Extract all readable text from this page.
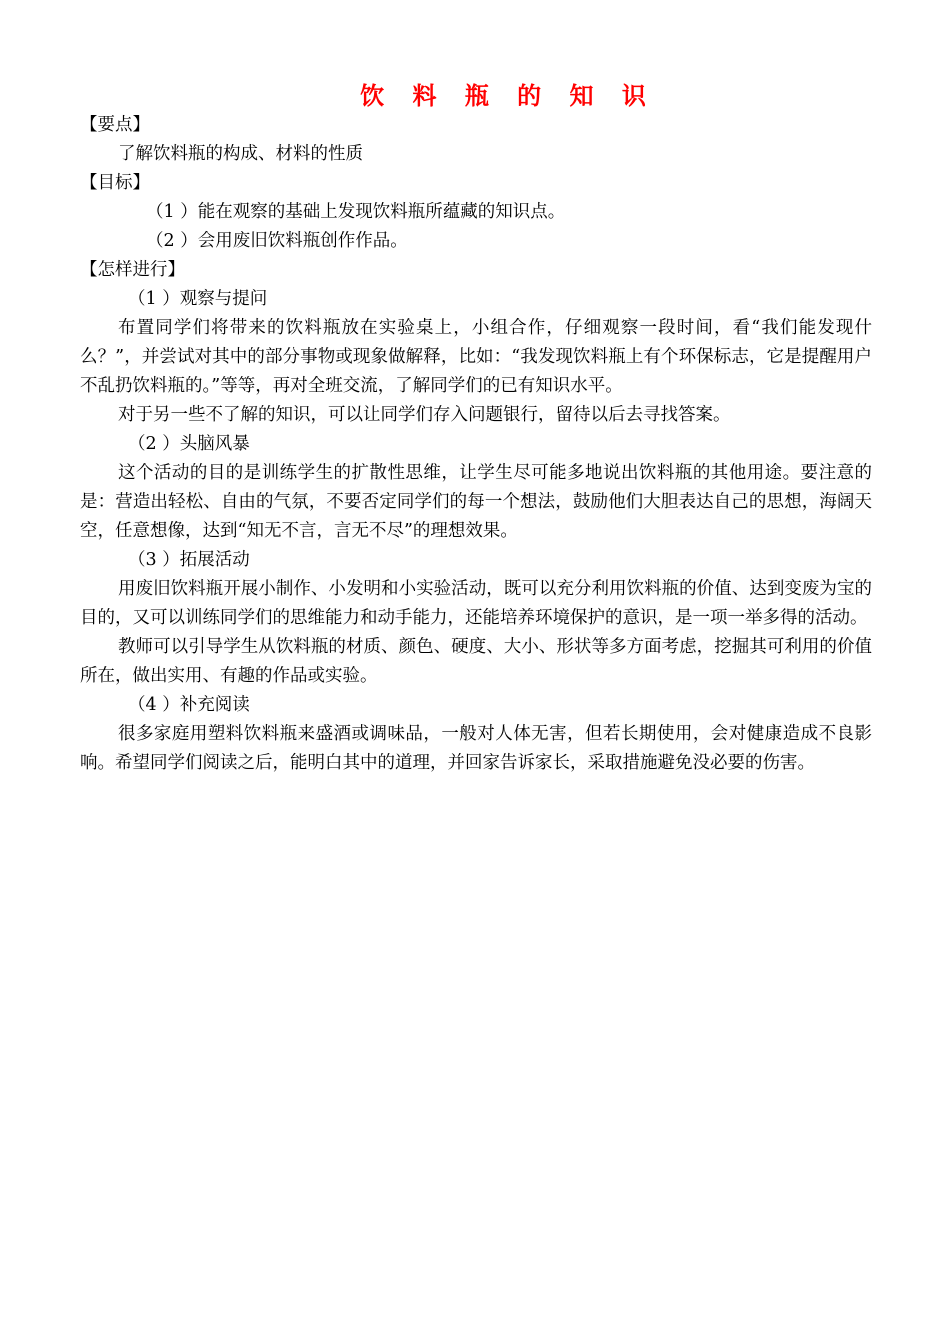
饮 料 瓶 的 知 识

【要点】

了解饮料瓶的构成、材料的性质

【目标】

（1 ）能在观察的基础上发现饮料瓶所蕴藏的知识点。

（2 ）会用废旧饮料瓶创作作品。

【怎样进行】

（1 ）观察与提问

布置同学们将带来的饮料瓶放在实验桌上，小组合作，仔细观察一段时间，看“我们能发现什么？”，并尝试对其中的部分事物或现象做解释，比如：“我发现饮料瓶上有个环保标志，它是提醒用户不乱扔饮料瓶的。”等等，再对全班交流，了解同学们的已有知识水平。

对于另一些不了解的知识，可以让同学们存入问题银行，留待以后去寻找答案。

（2 ）头脑风暴

这个活动的目的是训练学生的扩散性思维，让学生尽可能多地说出饮料瓶的其他用途。要注意的是：营造出轻松、自由的气氛，不要否定同学们的每一个想法，鼓励他们大胆表达自己的思想，海阔天空，任意想像，达到“知无不言，言无不尽”的理想效果。

（3 ）拓展活动

用废旧饮料瓶开展小制作、小发明和小实验活动，既可以充分利用饮料瓶的价值、达到变废为宝的目的，又可以训练同学们的思维能力和动手能力，还能培养环境保护的意识，是一项一举多得的活动。

教师可以引导学生从饮料瓶的材质、颜色、硬度、大小、形状等多方面考虑，挖掘其可利用的价值所在，做出实用、有趣的作品或实验。

（4 ）补充阅读

很多家庭用塑料饮料瓶来盛酒或调味品，一般对人体无害，但若长期使用，会对健康造成不良影响。希望同学们阅读之后，能明白其中的道理，并回家告诉家长，采取措施避免没必要的伤害。
